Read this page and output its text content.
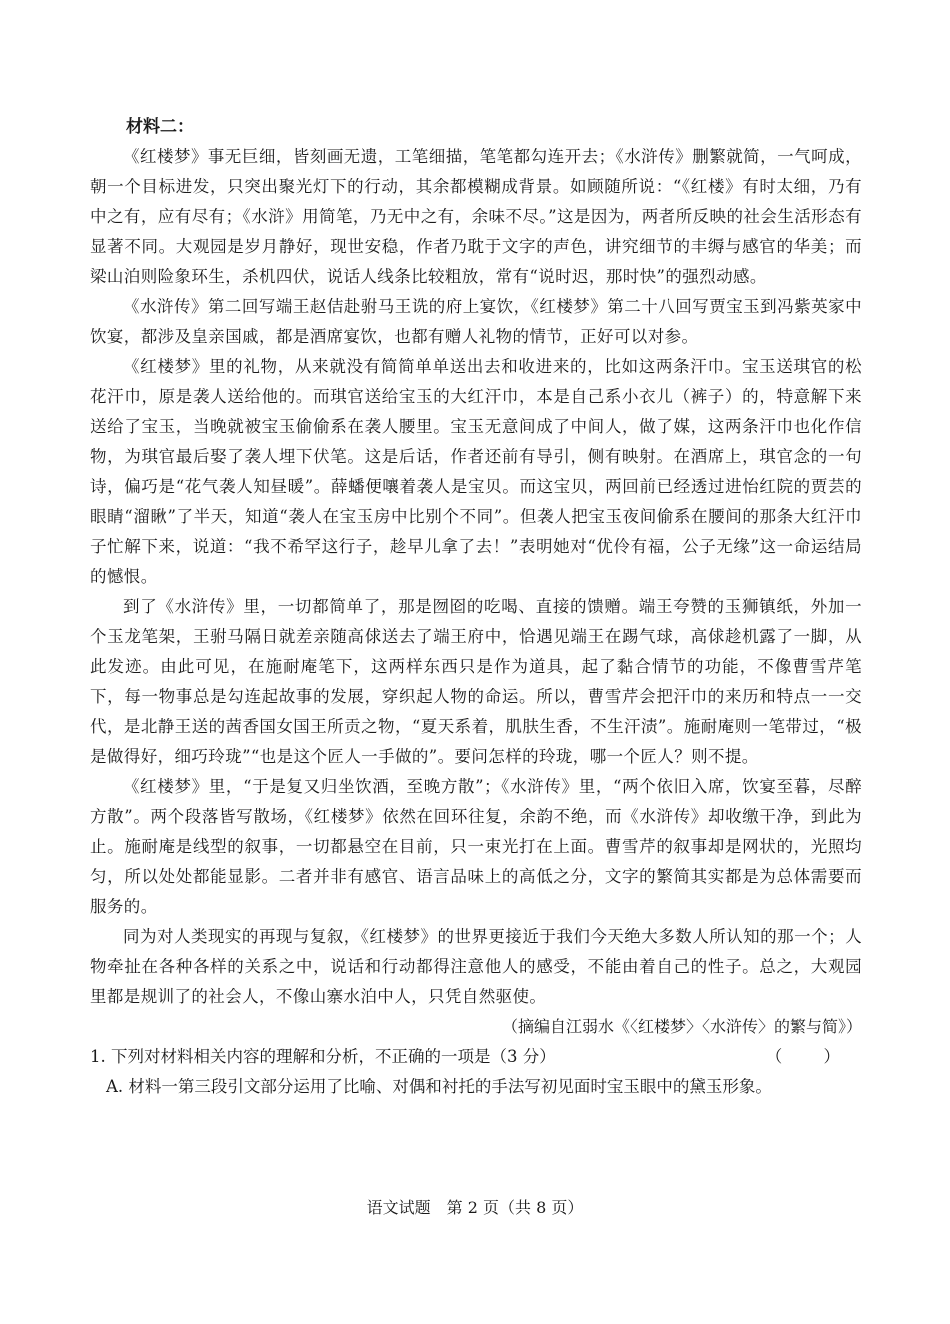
材料二：

《红楼梦》事无巨细，皆刻画无遗，工笔细描，笔笔都勾连开去；《水浒传》删繁就简，一气呵成，朝一个目标进发，只突出聚光灯下的行动，其余都模糊成背景。如顾随所说：“《红楼》有时太细，乃有中之有，应有尽有；《水浒》用简笔，乃无中之有，余味不尽。”这是因为，两者所反映的社会生活形态有显著不同。大观园是岁月静好，现世安稳，作者乃耽于文字的声色，讲究细节的丰缛与感官的华美；而梁山泊则险象环生，杀机四伏，说话人线条比较粗放，常有“说时迟，那时快”的强烈动感。

《水浒传》第二回写端王赵佶赴驸马王诜的府上宴饮，《红楼梦》第二十八回写贾宝玉到冯紫英家中饮宴，都涉及皇亲国戚，都是酒席宴饮，也都有赠人礼物的情节，正好可以对参。

《红楼梦》里的礼物，从来就没有简简单单送出去和收进来的，比如这两条汗巾。宝玉送琪官的松花汗巾，原是袭人送给他的。而琪官送给宝玉的大红汗巾，本是自己系小衣儿（裤子）的，特意解下来送给了宝玉，当晚就被宝玉偷偷系在袭人腰里。宝玉无意间成了中间人，做了媒，这两条汗巾也化作信物，为琪官最后娶了袭人埋下伏笔。这是后话，作者还前有导引，侧有映射。在酒席上，琪官念的一句诗，偏巧是“花气袭人知昼暖”。薛蟠便嚷着袭人是宝贝。而这宝贝，两回前已经透过进怡红院的贾芸的眼睛“溜瞅”了半天，知道“袭人在宝玉房中比别个不同”。但袭人把宝玉夜间偷系在腰间的那条大红汗巾子忙解下来，说道：“我不希罕这行子，趁早儿拿了去！”表明她对“优伶有福，公子无缘”这一命运结局的憾恨。

到了《水浒传》里，一切都简单了，那是囫囵的吃喝、直接的馈赠。端王夸赞的玉狮镇纸，外加一个玉龙笔架，王驸马隔日就差亲随高俅送去了端王府中，恰遇见端王在踢气球，高俅趁机露了一脚，从此发迹。由此可见，在施耐庵笔下，这两样东西只是作为道具，起了黏合情节的功能，不像曹雪芹笔下，每一物事总是勾连起故事的发展，穿织起人物的命运。所以，曹雪芹会把汗巾的来历和特点一一交代，是北静王送的茜香国女国王所贡之物，“夏天系着，肌肤生香，不生汗渍”。施耐庵则一笔带过，“极是做得好，细巧玲珑”“也是这个匠人一手做的”。要问怎样的玲珑，哪一个匠人？则不提。

《红楼梦》里，“于是复又归坐饮酒，至晚方散”；《水浒传》里，“两个依旧入席，饮宴至暮，尽醉方散”。两个段落皆写散场，《红楼梦》依然在回环往复，余韵不绝，而《水浒传》却收缴干净，到此为止。施耐庵是线型的叙事，一切都悬空在目前，只一束光打在上面。曹雪芹的叙事却是网状的，光照均匀，所以处处都能显影。二者并非有感官、语言品味上的高低之分，文字的繁简其实都是为总体需要而服务的。

同为对人类现实的再现与复叙，《红楼梦》的世界更接近于我们今天绝大多数人所认知的那一个；人物牵扯在各种各样的关系之中，说话和行动都得注意他人的感受，不能由着自己的性子。总之，大观园里都是规训了的社会人，不像山寨水泊中人，只凭自然驱使。

（摘编自江弱水《〈红楼梦〉〈水浒传〉的繁与简》）

1. 下列对材料相关内容的理解和分析，不正确的一项是（3 分）	（ ）

A. 材料一第三段引文部分运用了比喻、对偶和衬托的手法写初见面时宝玉眼中的黛玉形象。

语文试题　第 2 页（共 8 页）
